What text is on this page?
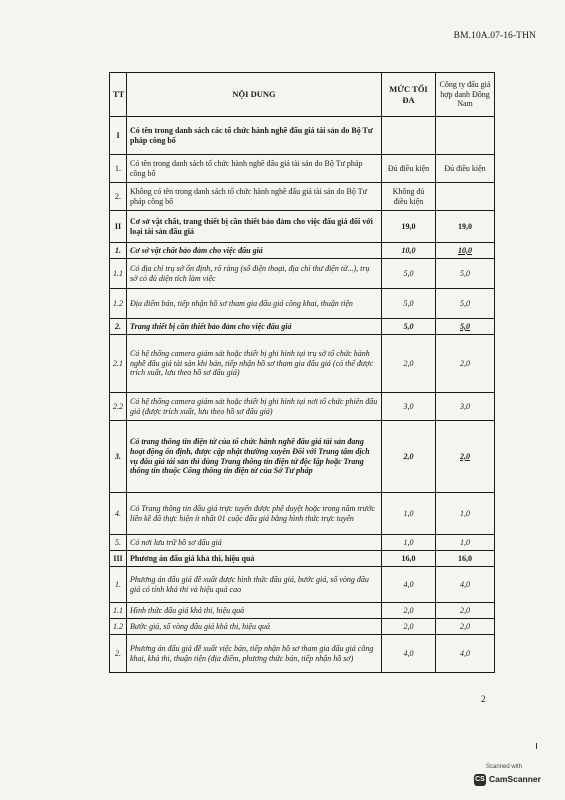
BM.10A.07-16-THN
TT	NỘI DUNG	MỨC TỐI ĐA	Công ty đấu giá hợp danh Đông Nam
I	Có tên trong danh sách các tổ chức hành nghề đấu giá tài sản do Bộ Tư pháp công bố		
1.	Có tên trong danh sách tổ chức hành nghề đấu giá tài sản do Bộ Tư pháp công bố	Đủ điều kiện	Đủ điều kiện
2.	Không có tên trong danh sách tổ chức hành nghề đấu giá tài sản do Bộ Tư pháp công bố	Không đủ điều kiện	
II	Cơ sở vật chất, trang thiết bị cần thiết bảo đảm cho việc đấu giá đối với loại tài sản đấu giá	19,0	19,0
1.	Cơ sở vật chất bảo đảm cho việc đấu giá	10,0	10,0
1.1	Có địa chỉ trụ sở ổn định, rõ ràng (số điện thoại, địa chỉ thư điện tử...), trụ sở có đủ diện tích làm việc	5,0	5,0
1.2	Địa điểm bán, tiếp nhận hồ sơ tham gia đấu giá công khai, thuận tiện	5,0	5,0
2.	Trang thiết bị cần thiết bảo đảm cho việc đấu giá	5,0	5,0
2.1	Có hệ thống camera giám sát hoặc thiết bị ghi hình tại trụ sở tổ chức hành nghề đấu giá tài sản khi bán, tiếp nhận hồ sơ tham gia đấu giá (có thể được trích xuất, lưu theo hồ sơ đấu giá)	2,0	2,0
2.2	Có hệ thống camera giám sát hoặc thiết bị ghi hình tại nơi tổ chức phiên đấu giá (được trích xuất, lưu theo hồ sơ đấu giá)	3,0	3,0
3.	Có trang thông tin điện tử của tổ chức hành nghề đấu giá tài sản đang hoạt động ổn định, được cập nhật thường xuyên Đối với Trung tâm dịch vụ đấu giá tài sản thì dùng Trang thông tin điện tử độc lập hoặc Trang thông tin thuộc Cổng thông tin điện tử của Sở Tư pháp	2,0	2,0
4.	Có Trang thông tin đấu giá trực tuyến được phê duyệt hoặc trong năm trước liền kề đã thực hiện ít nhất 01 cuộc đấu giá bằng hình thức trực tuyến	1,0	1,0
5.	Có nơi lưu trữ hồ sơ đấu giá	1,0	1,0
III	Phương án đấu giá khả thi, hiệu quả	16,0	16,0
1.	Phương án đấu giá đề xuất được hình thức đấu giá, bước giá, số vòng đấu giá có tính khả thi và hiệu quả cao	4,0	4,0
1.1	Hình thức đấu giá khả thi, hiệu quả	2,0	2,0
1.2	Bước giá, số vòng đấu giá khả thi, hiệu quả	2,0	2,0
2.	Phương án đấu giá đề xuất việc bán, tiếp nhận hồ sơ tham gia đấu giá công khai, khả thi, thuận tiện (địa điểm, phương thức bán, tiếp nhận hồ sơ)	4,0	4,0
2
Scanned with
CS CamScanner
